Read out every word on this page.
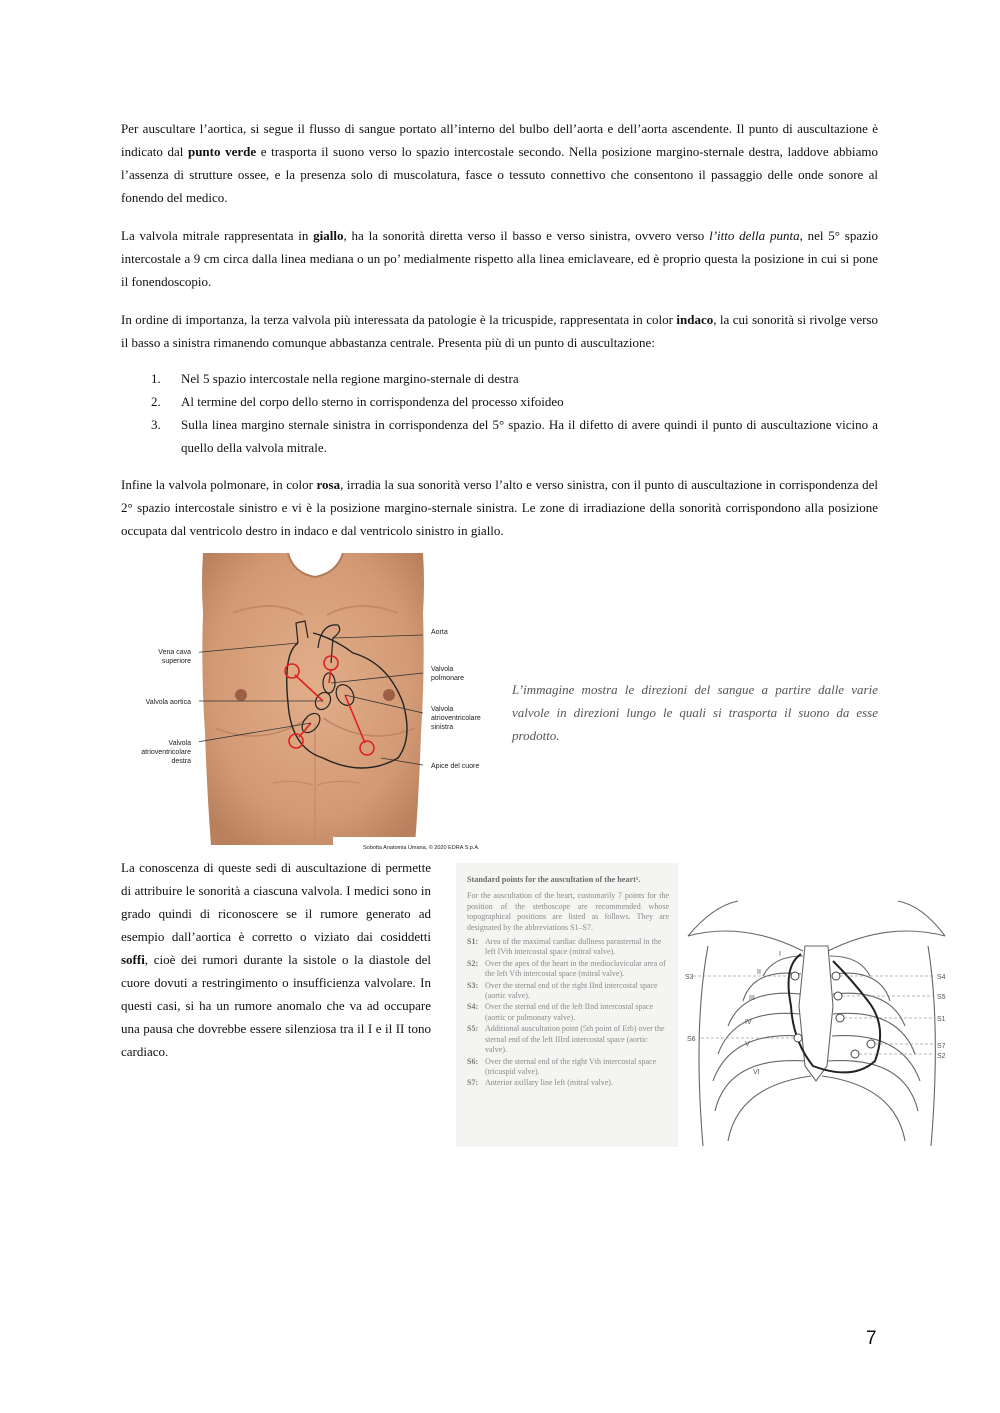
Per auscultare l’aortica, si segue il flusso di sangue portato all’interno del bulbo dell’aorta e dell’aorta ascendente. Il punto di auscultazione è indicato dal punto verde e trasporta il suono verso lo spazio intercostale secondo. Nella posizione margino-sternale destra, laddove abbiamo l’assenza di strutture ossee, e la presenza solo di muscolatura, fasce o tessuto connettivo che consentono il passaggio delle onde sonore al fonendo del medico.

La valvola mitrale rappresentata in giallo, ha la sonorità diretta verso il basso e verso sinistra, ovvero verso l’itto della punta, nel 5° spazio intercostale a 9 cm circa dalla linea mediana o un po’ medialmente rispetto alla linea emiclaveare, ed è proprio questa la posizione in cui si pone il fonendoscopio.

In ordine di importanza, la terza valvola più interessata da patologie è la tricuspide, rappresentata in color indaco, la cui sonorità si rivolge verso il basso a sinistra rimanendo comunque abbastanza centrale. Presenta più di un punto di auscultazione:

1. Nel 5 spazio intercostale nella regione margino-sternale di destra
2. Al termine del corpo dello sterno in corrispondenza del processo xifoideo
3. Sulla linea margino sternale sinistra in corrispondenza del 5° spazio. Ha il difetto di avere quindi il punto di auscultazione vicino a quello della valvola mitrale.

Infine la valvola polmonare, in color rosa, irradia la sua sonorità verso l’alto e verso sinistra, con il punto di auscultazione in corrispondenza del 2° spazio intercostale sinistro e vi è la posizione margino-sternale sinistra. Le zone di irradiazione della sonorità corrispondono alla posizione occupata dal ventricolo destro in indaco e dal ventricolo sinistro in giallo.

Vena cava
superiore
Valvola aortica
Valvola
atrioventricolare
destra
Aorta
Valvola
polmonare
Valvola
atrioventricolare
sinistra
Apice del cuore
Sobotta Anatomia Umana, © 2020 EDRA S.p.A.

L’immagine mostra le direzioni del sangue a partire dalle varie valvole in direzioni lungo le quali si trasporta il suono da esse prodotto.

La conoscenza di queste sedi di auscultazione di permette di attribuire le sonorità a ciascuna valvola. I medici sono in grado quindi di riconoscere se il rumore generato ad esempio dall’aortica è corretto o viziato dai cosiddetti soffi, cioè dei rumori durante la sistole o la diastole del cuore dovuti a restringimento o insufficienza valvolare. In questi casi, si ha un rumore anomalo che va ad occupare una pausa che dovrebbe essere silenziosa tra il I e il II tono cardiaco.

Standard points for the auscultation of the heart¹.
For the auscultation of the heart, customarily 7 points for the position of the stethoscope are recommended whose topographical positions are listed as follows. They are designated by the abbreviations S1–S7.
S1: Area of the maximal cardiac dullness parasternal in the left IVth intercostal space (mitral valve).
S2: Over the apex of the heart in the medioclavicular area of the left Vth intercostal space (mitral valve).
S3: Over the sternal end of the right IInd intercostal space (aortic valve).
S4: Over the sternal end of the left IInd intercostal space (aortic or pulmonary valve).
S5: Additional auscultation point (5th point of Erb) over the sternal end of the left IIIrd intercostal space (aortic valve).
S6: Over the sternal end of the right Vth intercostal space (tricuspid valve).
S7: Anterior axillary line left (mitral valve).
S3	S4
S5
S1
S6
S7
S2
II
III
IV
V
VI
I
7
